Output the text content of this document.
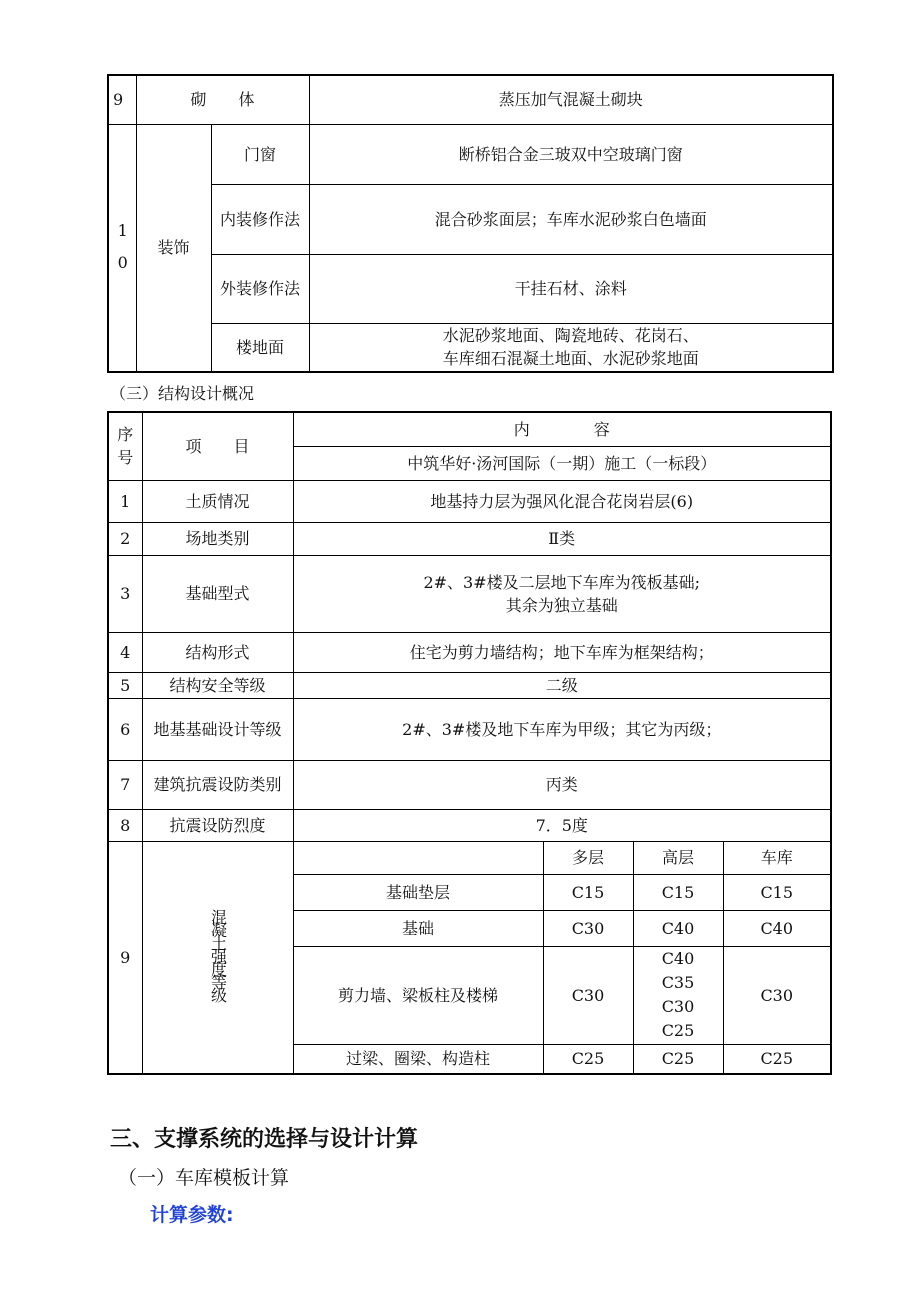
9	砌　　体		蒸压加气混凝土砌块
1 0	装饰	门窗	断桥铝合金三玻双中空玻璃门窗
		内装修作法	混合砂浆面层；车库水泥砂浆白色墙面
		外装修作法	干挂石材、涂料
		楼地面	水泥砂浆地面、陶瓷地砖、花岗石、
车库细石混凝土地面、水泥砂浆地面
（三）结构设计概况
序号	项　　目	内　　　　容			
		中筑华好·汤河国际（一期）施工（一标段）			
1	土质情况	地基持力层为强风化混合花岗岩层(6)			
2	场地类别	Ⅱ类			
3	基础型式	2#、3#楼及二层地下车库为筏板基础;
其余为独立基础			

4	结构形式	住宅为剪力墙结构；地下车库为框架结构；			
5	结构安全等级	二级			
6	地基基础设计等级	2#、3#楼及地下车库为甲级；其它为丙级；			
7	建筑抗震设防类别	丙类			
8	抗震设防烈度	7．5度			
9	混凝土强度等级		多层	高层	车库
		基础垫层	C15	C15	C15
		基础	C30	C40	C40
		剪力墙、梁板柱及楼梯	C30	C40
C35
C30
C25	C30
		过梁、圈梁、构造柱	C25	C25	C25
三、支撑系统的选择与设计计算
（一）车库模板计算
计算参数:
